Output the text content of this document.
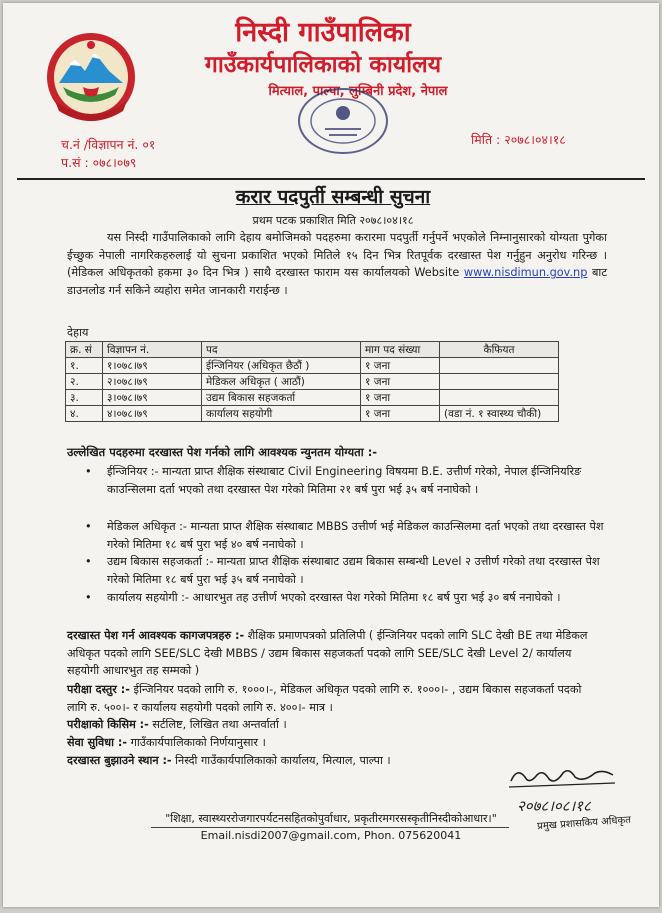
निस्दी गाउँपालिका
गाउँकार्यपालिकाको कार्यालय
मित्याल, पाल्पा, लुम्बिनी प्रदेश, नेपाल
च.नं /विज्ञापन नं. ०१
प.सं : ०७८।०७९
मिति : २०७८।०४।१८
करार पदपुर्ती सम्बन्धी सुचना
प्रथम पटक प्रकाशित मिति २०७८।०४।१८
यस निस्दी गाउँपालिकाको लागि देहाय बमोजिमको पदहरुमा करारमा पदपुर्ती गर्नुपर्ने भएकोले निम्नानुसारको योग्यता पुगेका ईच्छुक नेपाली नागरिकहरुलाई यो सुचना प्रकाशित भएको मितिले १५ दिन भित्र रितपूर्वक दरखास्त पेश गर्नुहुन अनुरोध गरिन्छ । (मेडिकल अधिकृतको हकमा ३० दिन भित्र ) साथै दरखास्त फाराम यस कार्यालयको Website www.nisdimun.gov.np बाट डाउनलोड गर्न सकिने व्यहोरा समेत जानकारी गराईन्छ ।
देहाय
क्र. सं	विज्ञापन नं.	पद	माग पद संख्या	कैफियत
१.	१।०७८।७९	ईन्जिनियर (अधिकृत छैठौं )	१ जना	
२.	२।०७८।७९	मेडिकल अधिकृत ( आठौं)	१ जना	
३.	३।०७८।७९	उद्यम बिकास सहजकर्ता	१ जना	
४.	४।०७८।७९	कार्यालय सहयोगी	१ जना	(वडा नं. १ स्वास्थ्य चौकी)
उल्लेखित पदहरुमा दरखास्त पेश गर्नको लागि आवश्यक न्युनतम योग्यता :-
• ईन्जिनियर :- मान्यता प्राप्त शैक्षिक संस्थाबाट Civil Engineering विषयमा B.E. उत्तीर्ण गरेको, नेपाल ईन्जिनियरिङ काउन्सिलमा दर्ता भएको तथा दरखास्त पेश गरेको मितिमा २१ बर्ष पुरा भई ३५ बर्ष ननाघेको ।
• मेडिकल अधिकृत :- मान्यता प्राप्त शैक्षिक संस्थाबाट MBBS उत्तीर्ण भई मेडिकल काउन्सिलमा दर्ता भएको तथा दरखास्त पेश गरेको मितिमा १८ बर्ष पुरा भई ४० बर्ष ननाघेको ।
• उद्यम बिकास सहजकर्ता :- मान्यता प्राप्त शैक्षिक संस्थाबाट उद्यम बिकास सम्बन्धी Level २ उत्तीर्ण गरेको तथा दरखास्त पेश गरेको मितिमा १८ बर्ष पुरा भई ३५ बर्ष ननाघेको ।
• कार्यालय सहयोगी :- आधारभुत तह उत्तीर्ण भएको दरखास्त पेश गरेको मितिमा १८ बर्ष पुरा भई ३० बर्ष ननाघेको ।
दरखास्त पेश गर्न आवश्यक कागजपत्रहरु :- शैक्षिक प्रमाणपत्रको प्रतिलिपी ( ईन्जिनियर पदको लागि SLC देखी BE तथा मेडिकल अधिकृत पदको लागि SEE/SLC देखी MBBS / उद्यम बिकास सहजकर्ता पदको लागि SEE/SLC देखी Level 2/ कार्यालय सहयोगी आधारभुत तह सम्मको )
परीक्षा दस्तुर :- ईन्जिनियर पदको लागि रु. १०००।-, मेडिकल अधिकृत पदको लागि रु. १०००।- , उद्यम बिकास सहजकर्ता पदको लागि रु. ५००।- र कार्यालय सहयोगी पदको लागि रु. ४००।- मात्र ।
परीक्षाको किसिम :- सर्टलिष्ट, लिखित तथा अन्तर्वार्ता ।
सेवा सुविधा :- गाउँकार्यपालिकाको निर्णयानुसार ।
दरखास्त बुझाउने स्थान :- निस्दी गाउँकार्यपालिकाको कार्यालय, मित्याल, पाल्पा ।
२०७८।०८।१८
प्रमुख प्रशासकिय अधिकृत
"शिक्षा, स्वास्थ्यररोजगारपर्यटनसहितकोपुर्वाधार, प्रकृतीरमगरसस्कृतीनिस्दीकोआधार।"
Email.nisdi2007@gmail.com, Phon. 075620041
